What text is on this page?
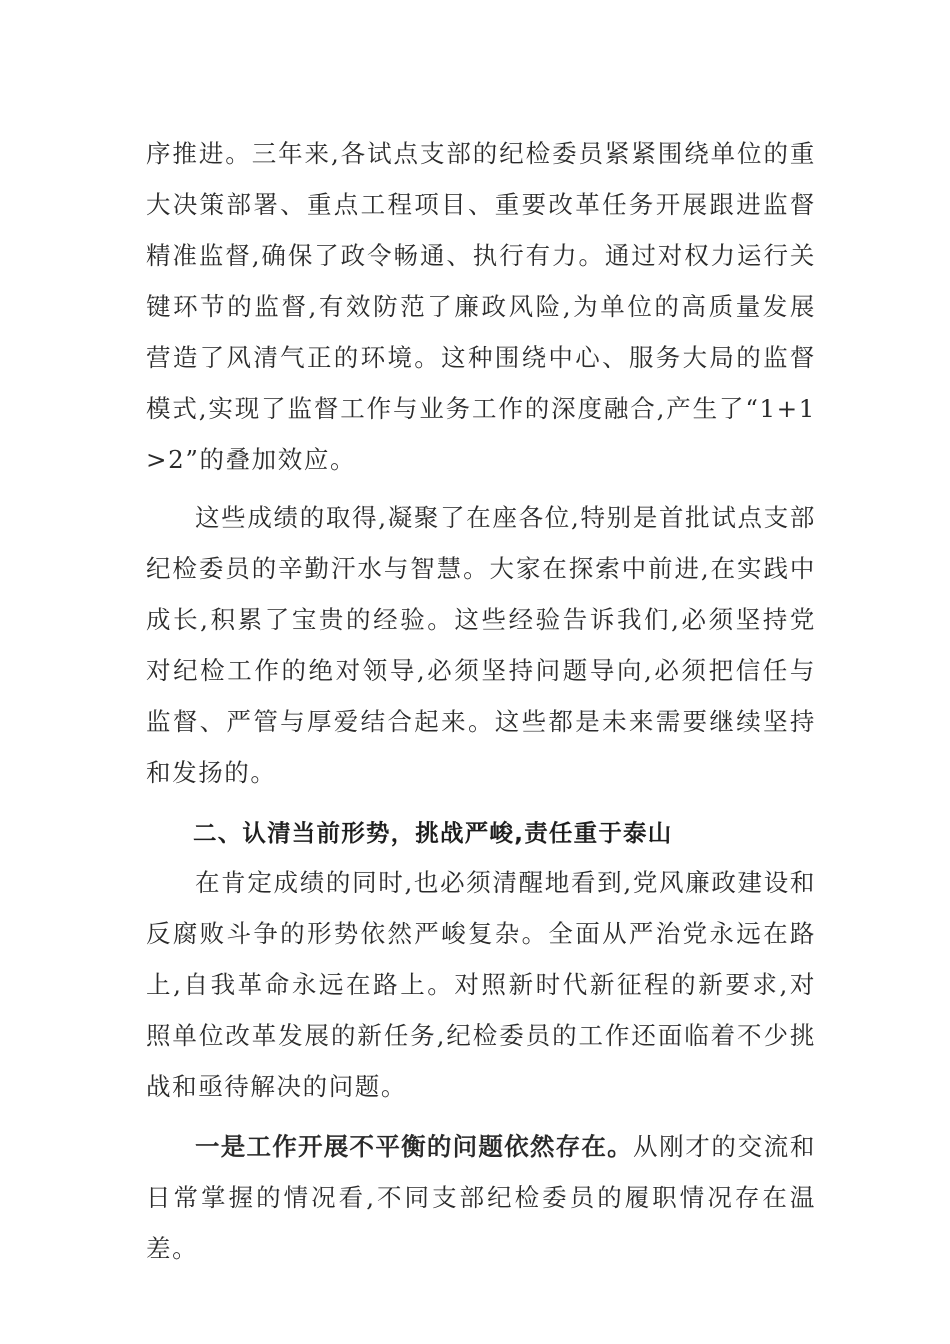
序推进。三年来,各试点支部的纪检委员紧紧围绕单位的重大决策部署、重点工程项目、重要改革任务开展跟进监督精准监督,确保了政令畅通、执行有力。通过对权力运行关键环节的监督,有效防范了廉政风险,为单位的高质量发展营造了风清气正的环境。这种围绕中心、服务大局的监督模式,实现了监督工作与业务工作的深度融合,产生了“1+1>2”的叠加效应。

这些成绩的取得,凝聚了在座各位,特别是首批试点支部纪检委员的辛勤汗水与智慧。大家在探索中前进,在实践中成长,积累了宝贵的经验。这些经验告诉我们,必须坚持党对纪检工作的绝对领导,必须坚持问题导向,必须把信任与监督、严管与厚爱结合起来。这些都是未来需要继续坚持和发扬的。

二、认清当前形势，挑战严峻,责任重于泰山

在肯定成绩的同时,也必须清醒地看到,党风廉政建设和反腐败斗争的形势依然严峻复杂。全面从严治党永远在路上,自我革命永远在路上。对照新时代新征程的新要求,对照单位改革发展的新任务,纪检委员的工作还面临着不少挑战和亟待解决的问题。

一是工作开展不平衡的问题依然存在。从刚才的交流和日常掌握的情况看,不同支部纪检委员的履职情况存在温差。
